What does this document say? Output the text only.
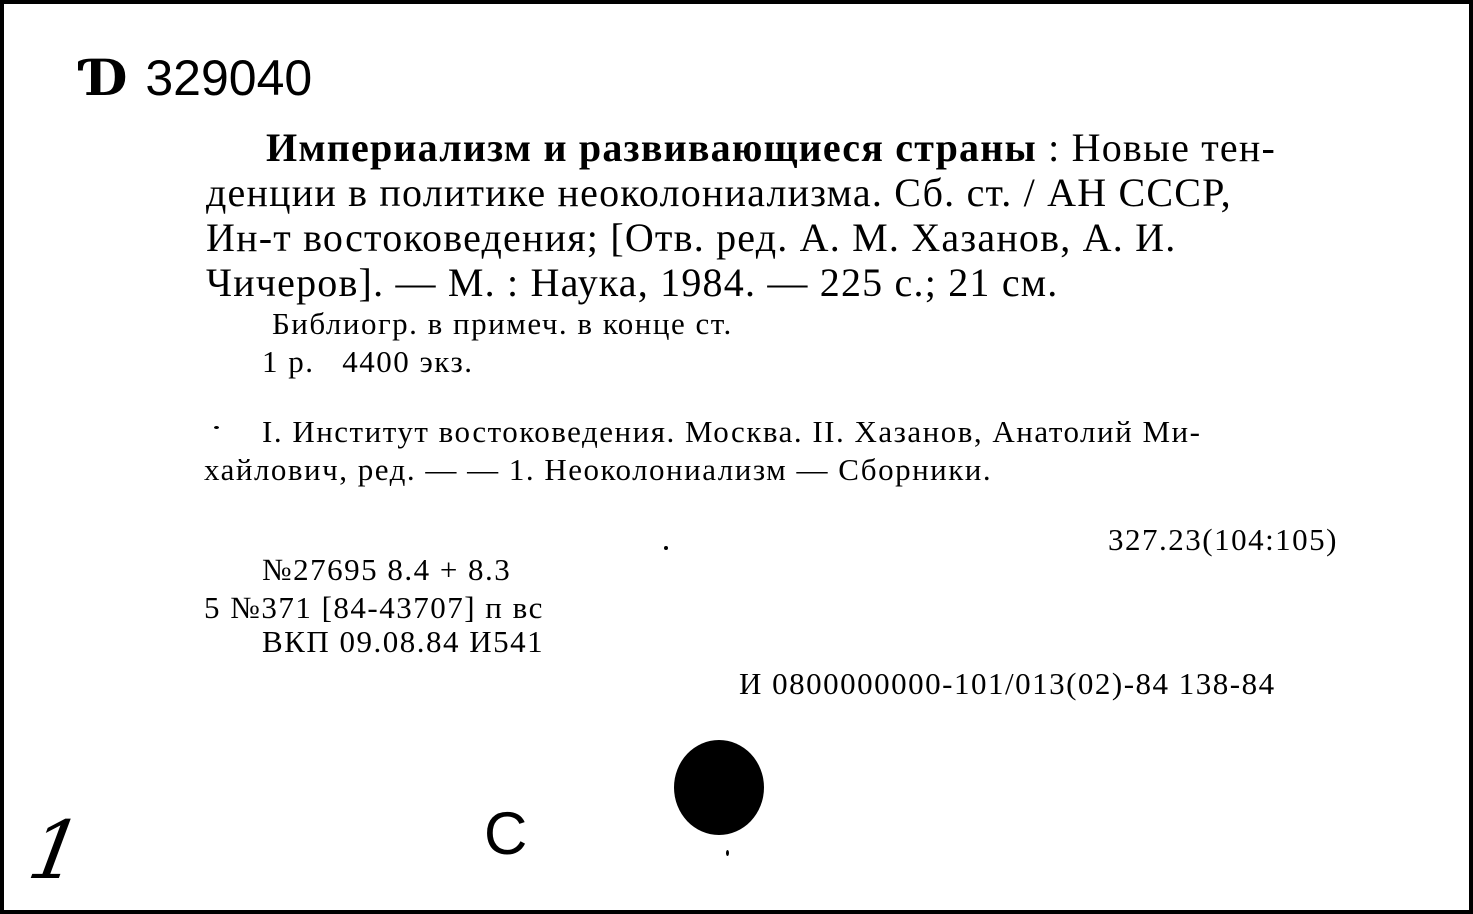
Ɗ 329040
Империализм и развивающиеся страны : Новые тен-
денции в политике неоколониализма. Сб. ст. / АН СССР,
Ин-т востоковедения; [Отв. ред. А. М. Хазанов, А. И.
Чичеров]. — М. : Наука, 1984. — 225 с.; 21 см.
Библиогр. в примеч. в конце ст.
1 р.   4400 экз.
I. Институт востоковедения. Москва. II. Хазанов, Анатолий Ми-
хайлович, ред. — — 1. Неоколониализм — Сборники.
327.23(104:105)
№27695 8.4 + 8.3
5 №371 [84-43707] п вс
ВКП 09.08.84 И541
И 0800000000-101/013(02)-84 138-84
1	C
